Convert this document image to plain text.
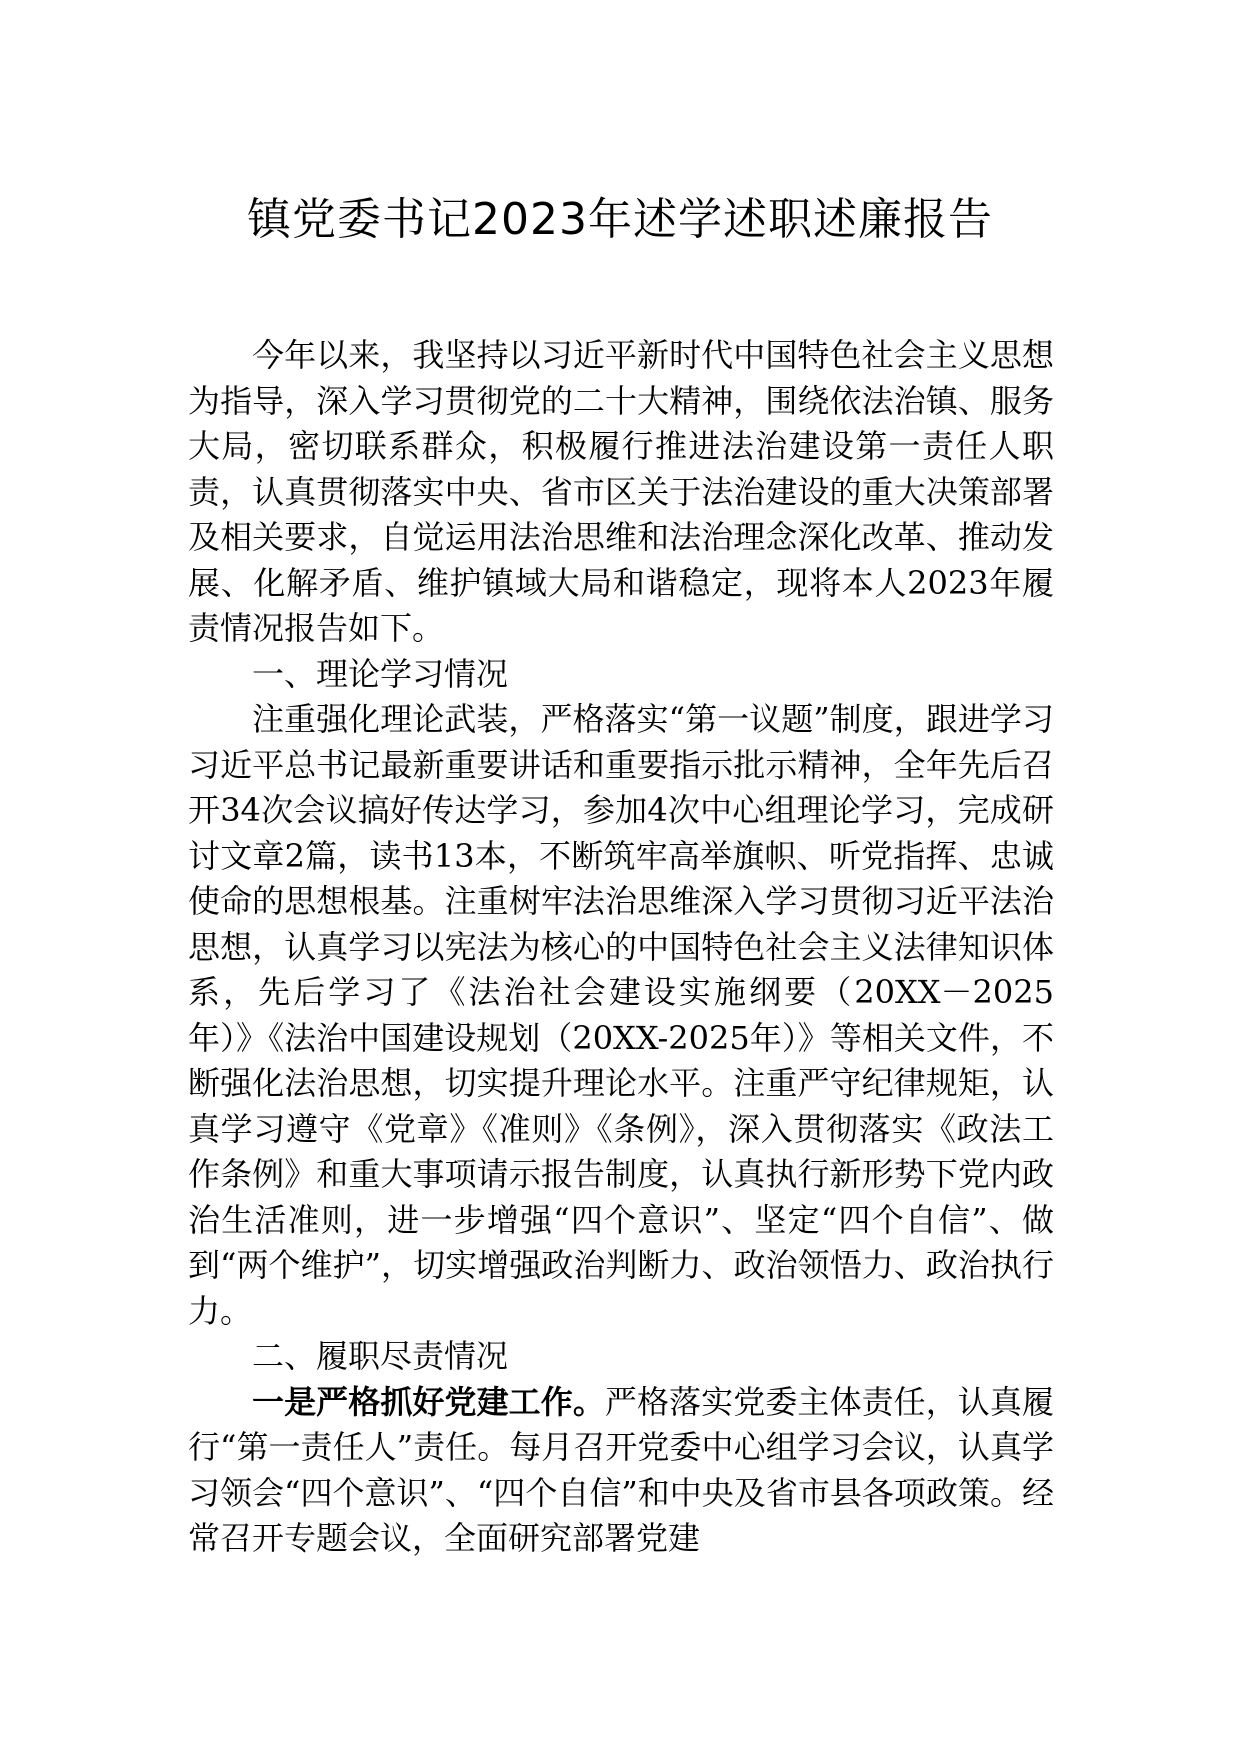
镇党委书记2023年述学述职述廉报告

今年以来，我坚持以习近平新时代中国特色社会主义思想为指导，深入学习贯彻党的二十大精神，围绕依法治镇、服务大局，密切联系群众，积极履行推进法治建设第一责任人职责，认真贯彻落实中央、省市区关于法治建设的重大决策部署及相关要求，自觉运用法治思维和法治理念深化改革、推动发展、化解矛盾、维护镇域大局和谐稳定，现将本人2023年履责情况报告如下。

一、理论学习情况

注重强化理论武装，严格落实“第一议题”制度，跟进学习习近平总书记最新重要讲话和重要指示批示精神，全年先后召开34次会议搞好传达学习，参加4次中心组理论学习，完成研讨文章2篇，读书13本，不断筑牢高举旗帜、听党指挥、忠诚使命的思想根基。注重树牢法治思维深入学习贯彻习近平法治思想，认真学习以宪法为核心的中国特色社会主义法律知识体系，先后学习了《法治社会建设实施纲要（20XX－2025年）》《法治中国建设规划（20XX-2025年）》等相关文件，不断强化法治思想，切实提升理论水平。注重严守纪律规矩，认真学习遵守《党章》《准则》《条例》，深入贯彻落实《政法工作条例》和重大事项请示报告制度，认真执行新形势下党内政治生活准则，进一步增强“四个意识”、坚定“四个自信”、做到“两个维护”，切实增强政治判断力、政治领悟力、政治执行力。

二、履职尽责情况

一是严格抓好党建工作。严格落实党委主体责任，认真履行“第一责任人”责任。每月召开党委中心组学习会议，认真学习领会“四个意识”、“四个自信”和中央及省市县各项政策。经常召开专题会议，全面研究部署党建
